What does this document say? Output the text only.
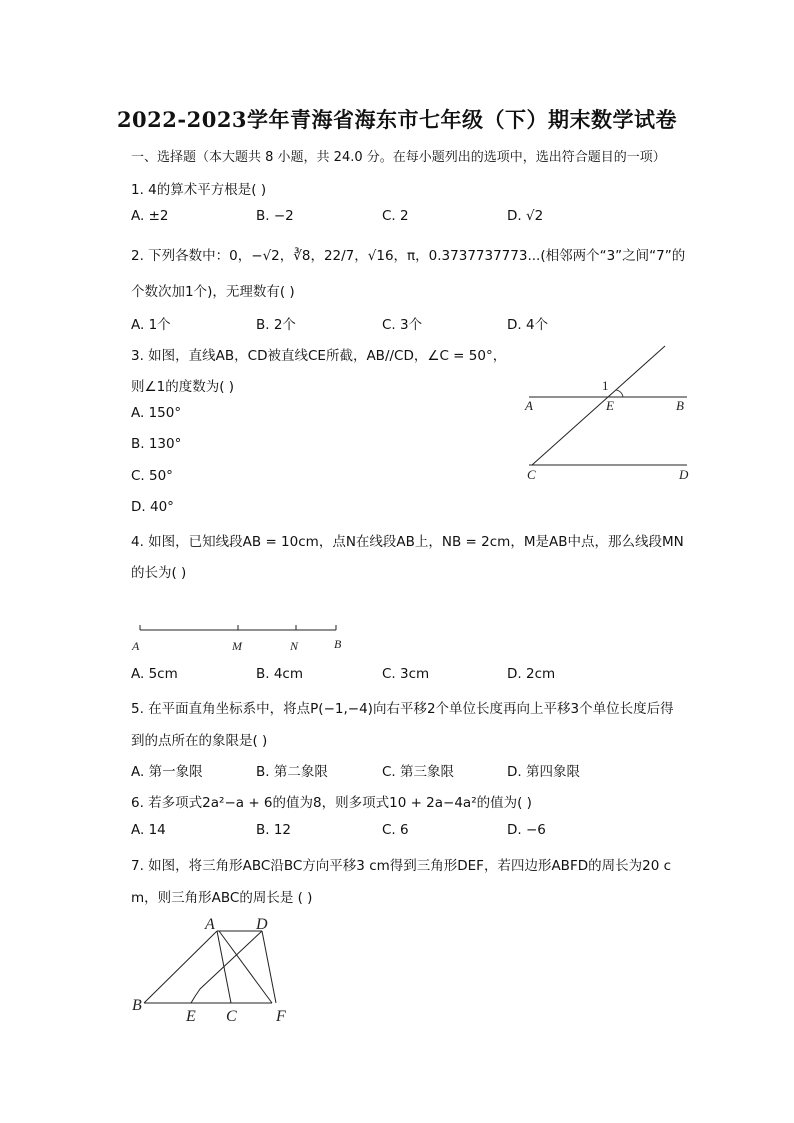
2022-2023学年青海省海东市七年级（下）期末数学试卷
一、选择题（本大题共 8 小题，共 24.0 分。在每小题列出的选项中，选出符合题目的一项）
1. 4的算术平方根是( )
A. ±2	B. −2	C. 2	D. √2
2. 下列各数中：0，−√2，∛8，22/7，√16，π，0.3737737773...(相邻两个“3”之间“7”的
个数次加1个)，无理数有( )
A. 1个	B. 2个	C. 3个	D. 4个
3. 如图，直线AB，CD被直线CE所截，AB//CD，∠C = 50°，
则∠1的度数为( )
A. 150°
B. 130°
C. 50°
D. 40°
A	B
E
1
C	D
4. 如图，已知线段AB = 10cm，点N在线段AB上，NB = 2cm，M是AB中点，那么线段MN
的长为( )
A	M	N	B
A. 5cm	B. 4cm	C. 3cm	D. 2cm
5. 在平面直角坐标系中，将点P(−1,−4)向右平移2个单位长度再向上平移3个单位长度后得
到的点所在的象限是( )
A. 第一象限	B. 第二象限	C. 第三象限	D. 第四象限
6. 若多项式2a²−a + 6的值为8，则多项式10 + 2a−4a²的值为( )
A. 14	B. 12	C. 6	D. −6
7. 如图，将三角形ABC沿BC方向平移3 cm得到三角形DEF，若四边形ABFD的周长为20 c
m，则三角形ABC的周长是 ( )
A	D
B
E C F
